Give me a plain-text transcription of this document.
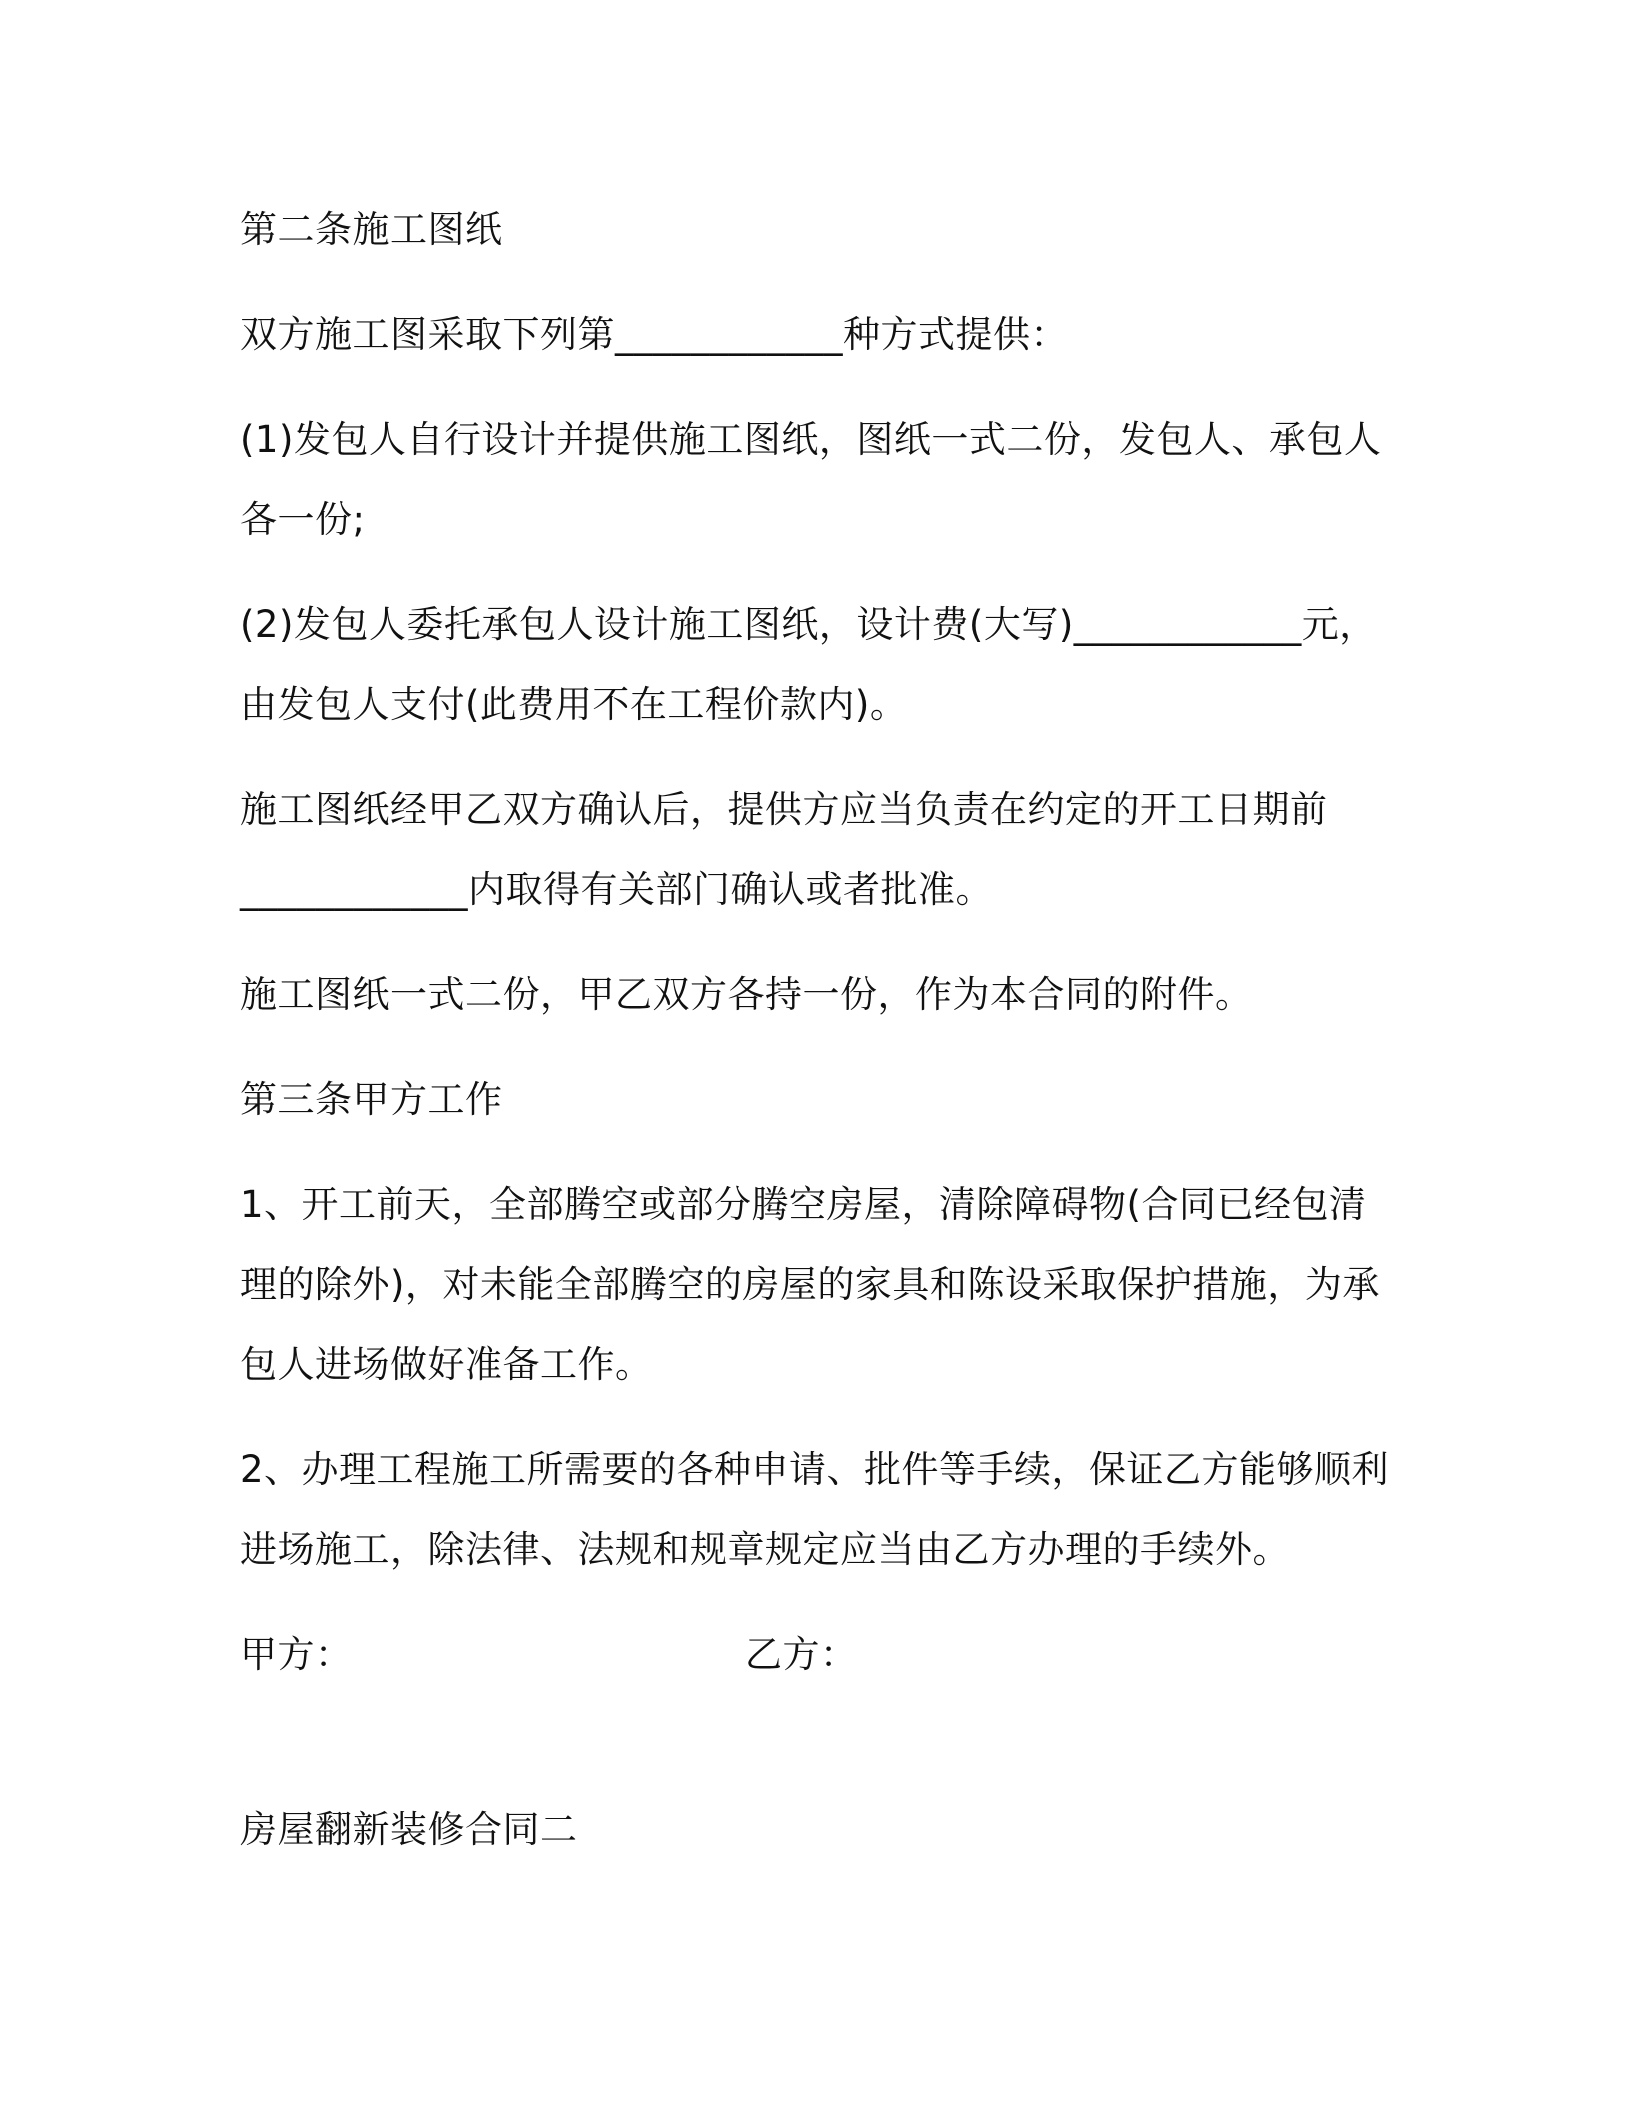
第二条施工图纸

双方施工图采取下列第____________种方式提供：

(1)发包人自行设计并提供施工图纸，图纸一式二份，发包人、承包人各一份;

(2)发包人委托承包人设计施工图纸，设计费(大写)____________元，由发包人支付(此费用不在工程价款内)。

施工图纸经甲乙双方确认后，提供方应当负责在约定的开工日期前____________内取得有关部门确认或者批准。

施工图纸一式二份，甲乙双方各持一份，作为本合同的附件。

第三条甲方工作

1、开工前天，全部腾空或部分腾空房屋，清除障碍物(合同已经包清理的除外)，对未能全部腾空的房屋的家具和陈设采取保护措施，为承包人进场做好准备工作。

2、办理工程施工所需要的各种申请、批件等手续，保证乙方能够顺利进场施工，除法律、法规和规章规定应当由乙方办理的手续外。

甲方：	乙方：
房屋翻新装修合同二
